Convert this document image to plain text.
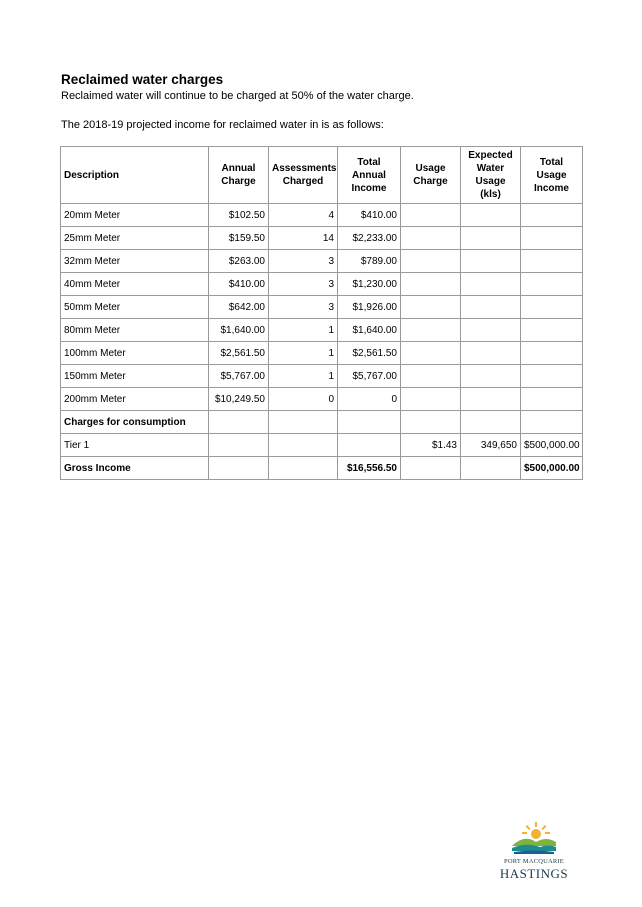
Reclaimed water charges
Reclaimed water will continue to be charged at 50% of the water charge.
The 2018-19 projected income for reclaimed water in is as follows:
Description	Annual Charge	Assessments Charged	Total Annual Income	Usage Charge	Expected Water Usage (kls)	Total Usage Income
20mm Meter	$102.50	4	$410.00			
25mm Meter	$159.50	14	$2,233.00			
32mm Meter	$263.00	3	$789.00			
40mm Meter	$410.00	3	$1,230.00			
50mm Meter	$642.00	3	$1,926.00			
80mm Meter	$1,640.00	1	$1,640.00			
100mm Meter	$2,561.50	1	$2,561.50			
150mm Meter	$5,767.00	1	$5,767.00			
200mm Meter	$10,249.50	0	0			
Charges for consumption						
Tier 1				$1.43	349,650	$500,000.00
Gross Income			$16,556.50			$500,000.00
PORT MACQUARIE
HASTINGS
